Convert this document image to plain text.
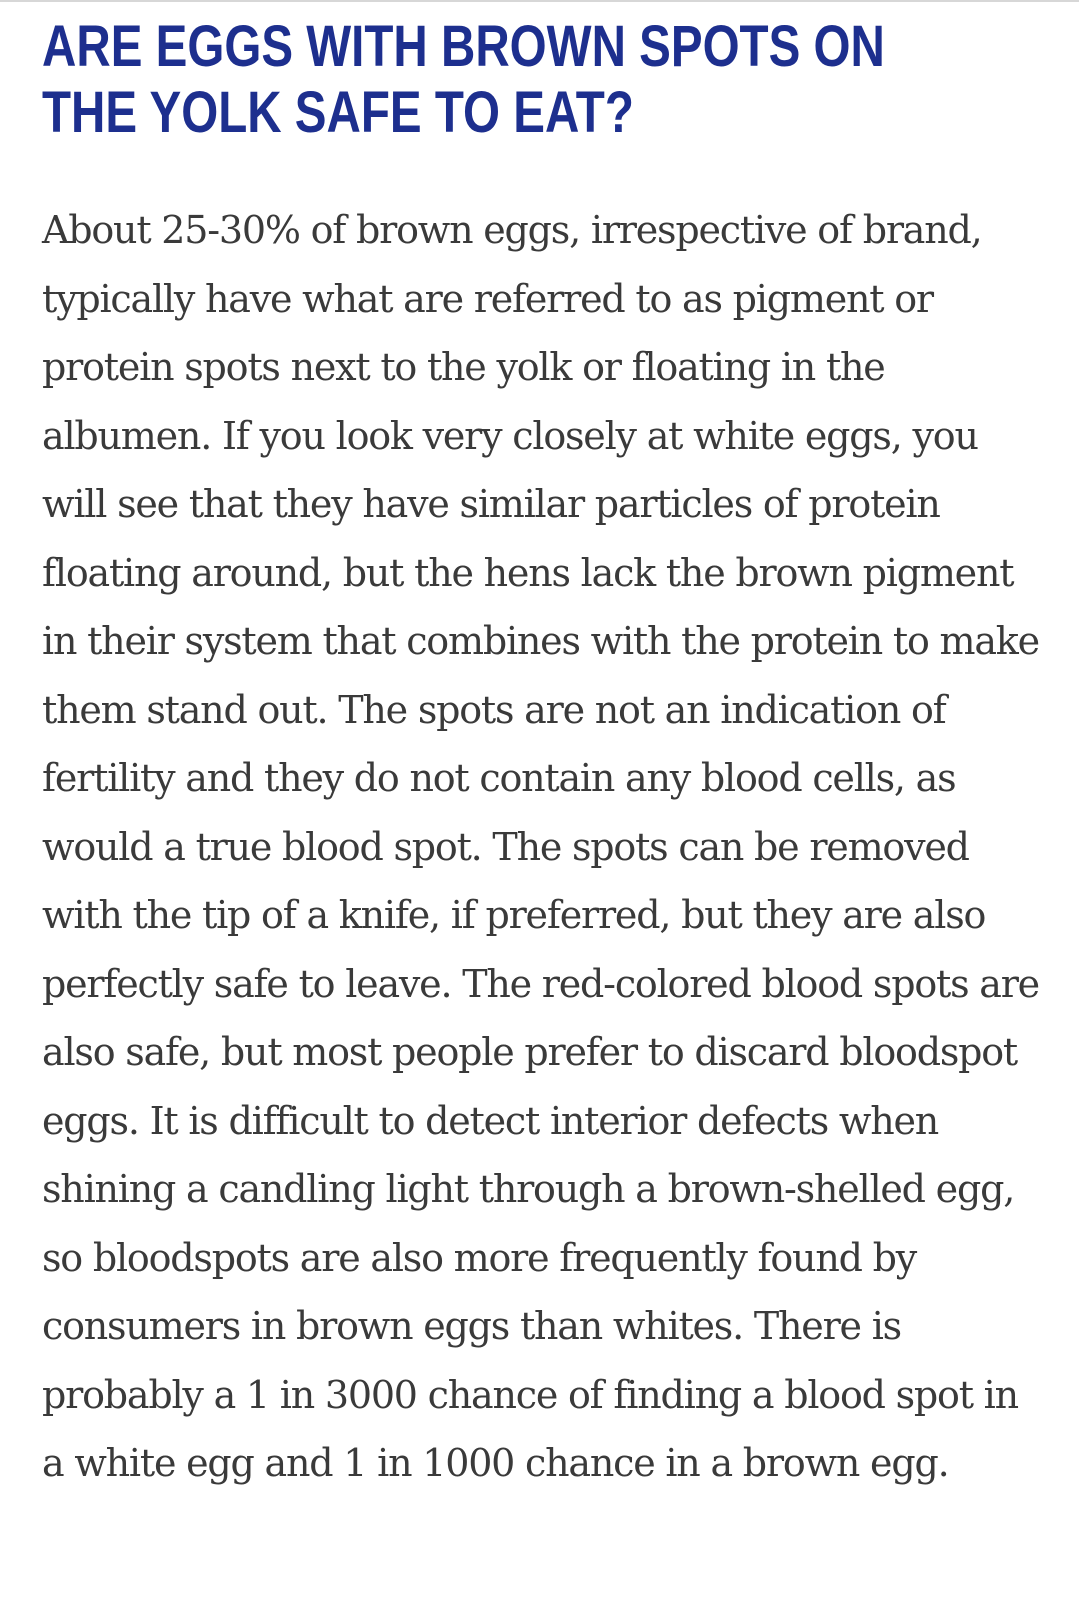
ARE EGGS WITH BROWN SPOTS ON THE YOLK SAFE TO EAT?

About 25-30% of brown eggs, irrespective of brand, typically have what are referred to as pigment or protein spots next to the yolk or floating in the albumen. If you look very closely at white eggs, you will see that they have similar particles of protein floating around, but the hens lack the brown pigment in their system that combines with the protein to make them stand out. The spots are not an indication of fertility and they do not contain any blood cells, as would a true blood spot. The spots can be removed with the tip of a knife, if preferred, but they are also perfectly safe to leave. The red-colored blood spots are also safe, but most people prefer to discard bloodspot eggs. It is difficult to detect interior defects when shining a candling light through a brown-shelled egg, so bloodspots are also more frequently found by consumers in brown eggs than whites. There is probably a 1 in 3000 chance of finding a blood spot in a white egg and 1 in 1000 chance in a brown egg.
